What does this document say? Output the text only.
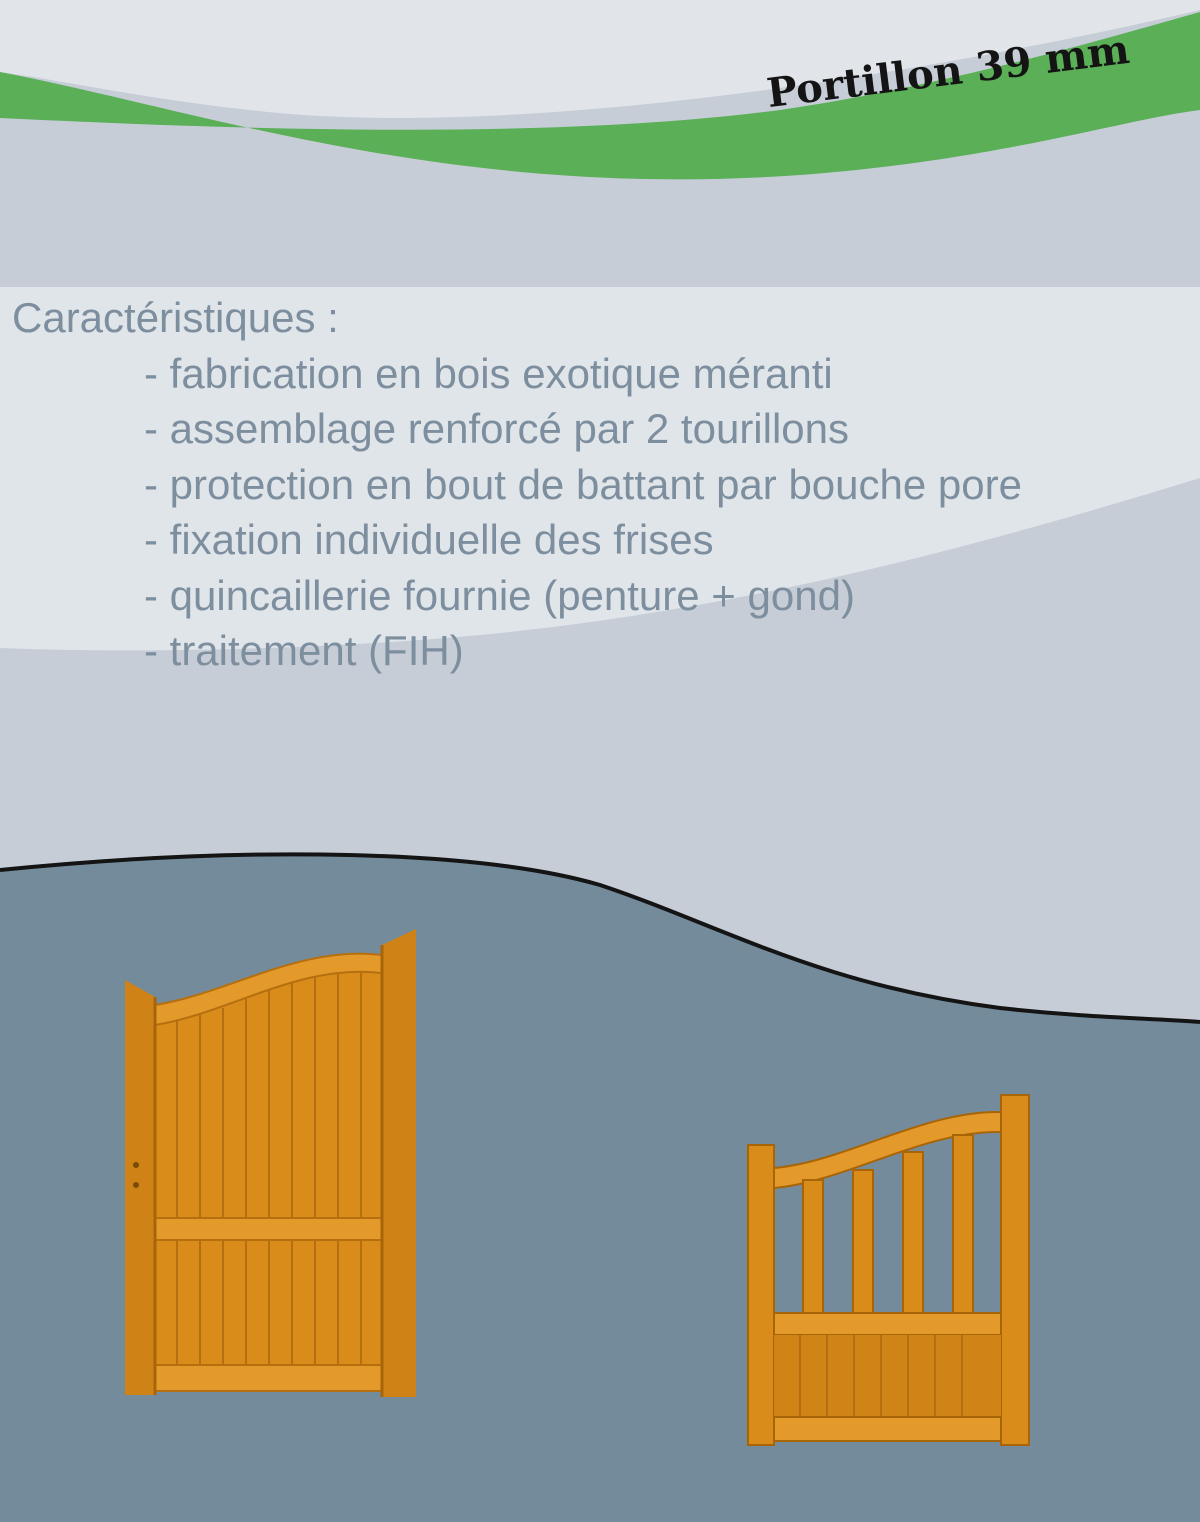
Portillon 39 mm
Caractéristiques :
- fabrication en bois exotique méranti
- assemblage renforcé par 2 tourillons
- protection en bout de battant par bouche pore
- fixation individuelle des frises
- quincaillerie fournie (penture + gond)
- traitement (FIH)
